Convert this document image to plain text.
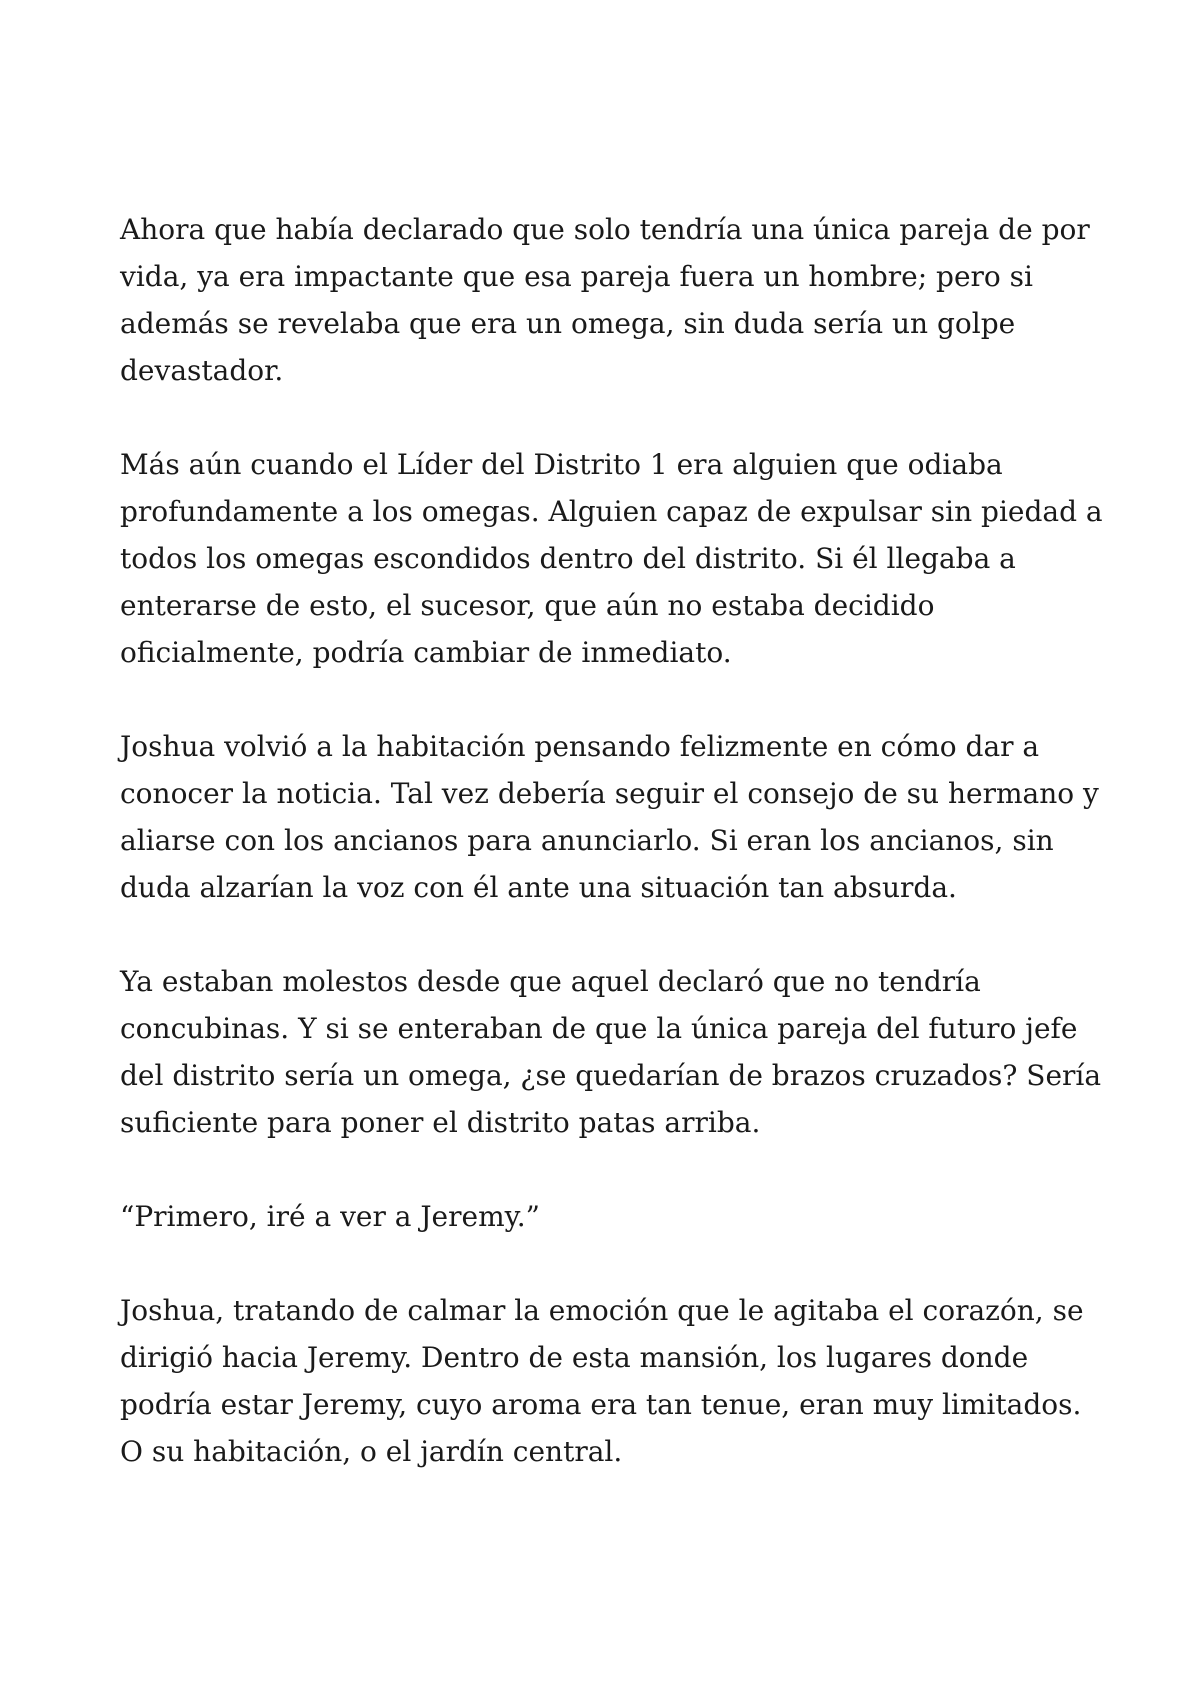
Ahora que había declarado que solo tendría una única pareja de por
vida, ya era impactante que esa pareja fuera un hombre; pero si
además se revelaba que era un omega, sin duda sería un golpe
devastador.

Más aún cuando el Líder del Distrito 1 era alguien que odiaba
profundamente a los omegas. Alguien capaz de expulsar sin piedad a
todos los omegas escondidos dentro del distrito. Si él llegaba a
enterarse de esto, el sucesor, que aún no estaba decidido
oficialmente, podría cambiar de inmediato.

Joshua volvió a la habitación pensando felizmente en cómo dar a
conocer la noticia. Tal vez debería seguir el consejo de su hermano y
aliarse con los ancianos para anunciarlo. Si eran los ancianos, sin
duda alzarían la voz con él ante una situación tan absurda.

Ya estaban molestos desde que aquel declaró que no tendría
concubinas. Y si se enteraban de que la única pareja del futuro jefe
del distrito sería un omega, ¿se quedarían de brazos cruzados? Sería
suficiente para poner el distrito patas arriba.

“Primero, iré a ver a Jeremy.”

Joshua, tratando de calmar la emoción que le agitaba el corazón, se
dirigió hacia Jeremy. Dentro de esta mansión, los lugares donde
podría estar Jeremy, cuyo aroma era tan tenue, eran muy limitados.
O su habitación, o el jardín central.
